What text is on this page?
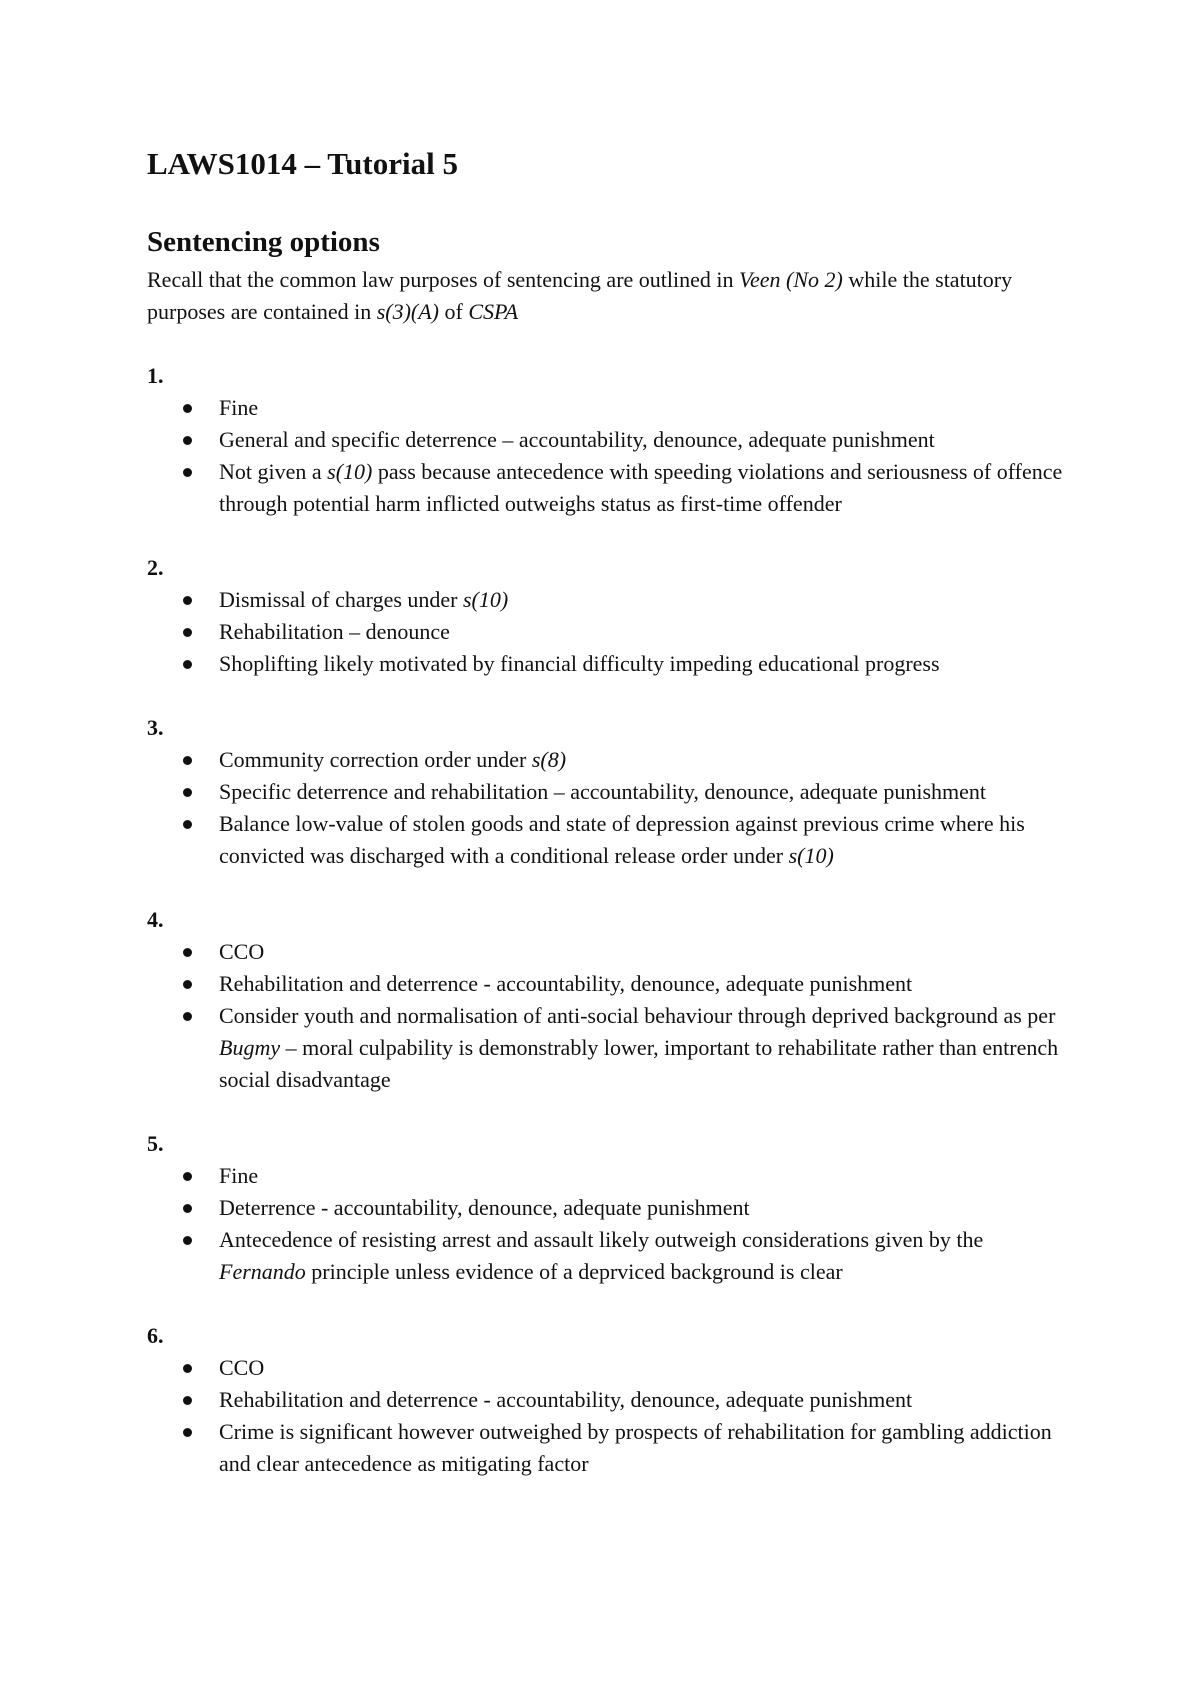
LAWS1014 – Tutorial 5
Sentencing options

Recall that the common law purposes of sentencing are outlined in Veen (No 2) while the statutory purposes are contained in s(3)(A) of CSPA

1.
Fine
General and specific deterrence – accountability, denounce, adequate punishment
Not given a s(10) pass because antecedence with speeding violations and seriousness of offence through potential harm inflicted outweighs status as first-time offender
2.
Dismissal of charges under s(10)
Rehabilitation – denounce
Shoplifting likely motivated by financial difficulty impeding educational progress
3.
Community correction order under s(8)
Specific deterrence and rehabilitation – accountability, denounce, adequate punishment
Balance low-value of stolen goods and state of depression against previous crime where his convicted was discharged with a conditional release order under s(10)
4.
CCO
Rehabilitation and deterrence - accountability, denounce, adequate punishment
Consider youth and normalisation of anti-social behaviour through deprived background as per Bugmy – moral culpability is demonstrably lower, important to rehabilitate rather than entrench social disadvantage
5.
Fine
Deterrence - accountability, denounce, adequate punishment
Antecedence of resisting arrest and assault likely outweigh considerations given by the Fernando principle unless evidence of a deprviced background is clear
6.
CCO
Rehabilitation and deterrence - accountability, denounce, adequate punishment
Crime is significant however outweighed by prospects of rehabilitation for gambling addiction and clear antecedence as mitigating factor
